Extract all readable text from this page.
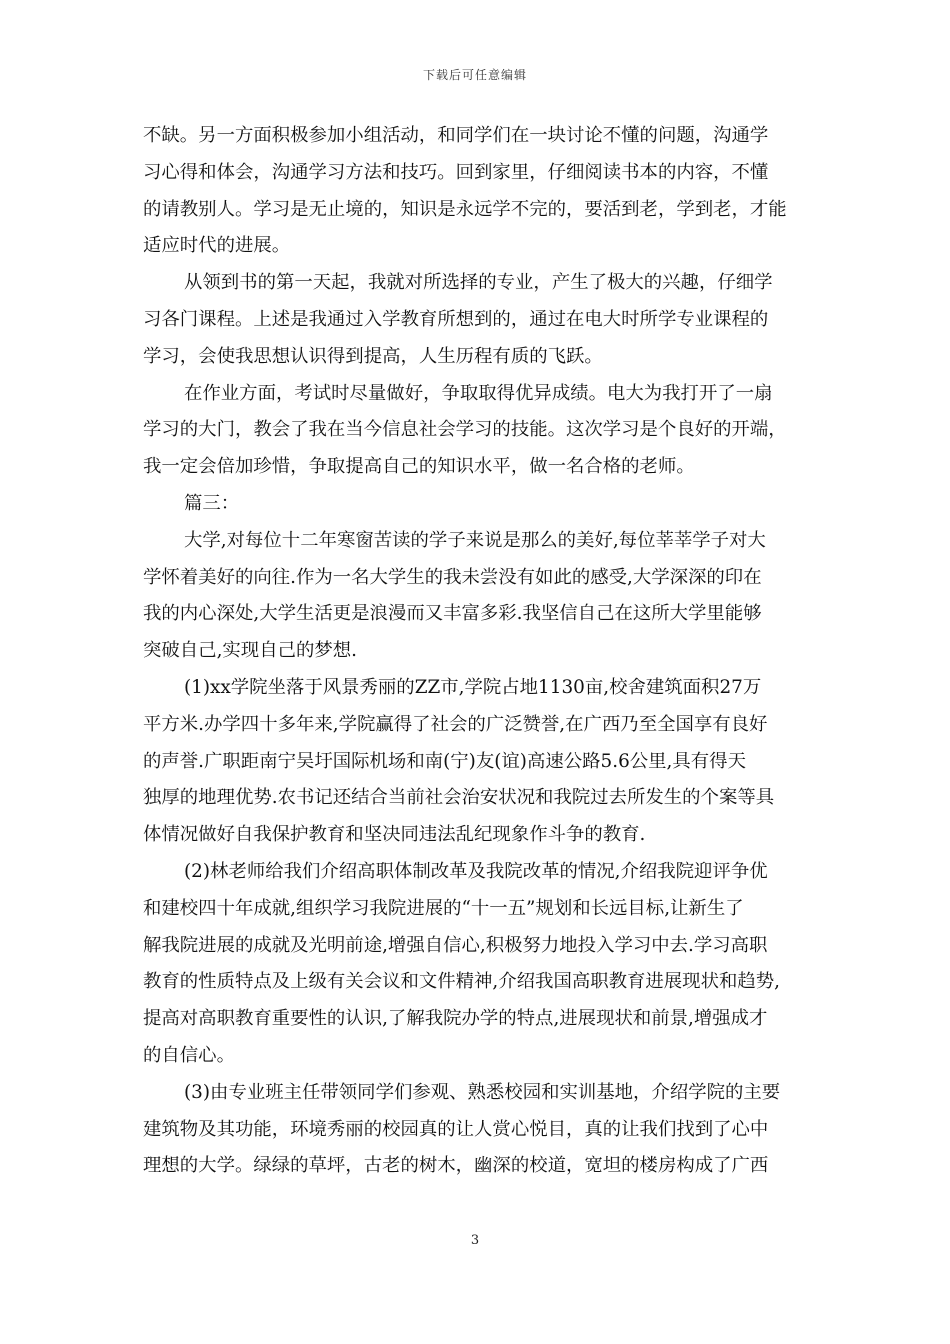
下载后可任意编辑

不缺。另一方面积极参加小组活动，和同学们在一块讨论不懂的问题，沟通学
习心得和体会，沟通学习方法和技巧。回到家里，仔细阅读书本的内容，不懂
的请教别人。学习是无止境的，知识是永远学不完的，要活到老，学到老，才能
适应时代的进展。

从领到书的第一天起，我就对所选择的专业，产生了极大的兴趣，仔细学
习各门课程。上述是我通过入学教育所想到的，通过在电大时所学专业课程的
学习，会使我思想认识得到提高，人生历程有质的飞跃。

在作业方面，考试时尽量做好，争取取得优异成绩。电大为我打开了一扇
学习的大门，教会了我在当今信息社会学习的技能。这次学习是个良好的开端，
我一定会倍加珍惜，争取提高自己的知识水平，做一名合格的老师。

篇三：

大学,对每位十二年寒窗苦读的学子来说是那么的美好,每位莘莘学子对大
学怀着美好的向往.作为一名大学生的我未尝没有如此的感受,大学深深的印在
我的内心深处,大学生活更是浪漫而又丰富多彩.我坚信自己在这所大学里能够
突破自己,实现自己的梦想.

(1)xx学院坐落于风景秀丽的ZZ市,学院占地1130亩,校舍建筑面积27万
平方米.办学四十多年来,学院赢得了社会的广泛赞誉,在广西乃至全国享有良好
的声誉.广职距南宁吴圩国际机场和南(宁)友(谊)高速公路5.6公里,具有得天
独厚的地理优势.农书记还结合当前社会治安状况和我院过去所发生的个案等具
体情况做好自我保护教育和坚决同违法乱纪现象作斗争的教育.

(2)林老师给我们介绍高职体制改革及我院改革的情况,介绍我院迎评争优
和建校四十年成就,组织学习我院进展的“十一五”规划和长远目标,让新生了
解我院进展的成就及光明前途,增强自信心,积极努力地投入学习中去.学习高职
教育的性质特点及上级有关会议和文件精神,介绍我国高职教育进展现状和趋势,
提高对高职教育重要性的认识,了解我院办学的特点,进展现状和前景,增强成才
的自信心。

(3)由专业班主任带领同学们参观、熟悉校园和实训基地，介绍学院的主要
建筑物及其功能，环境秀丽的校园真的让人赏心悦目，真的让我们找到了心中
理想的大学。绿绿的草坪，古老的树木，幽深的校道，宽坦的楼房构成了广西

3
